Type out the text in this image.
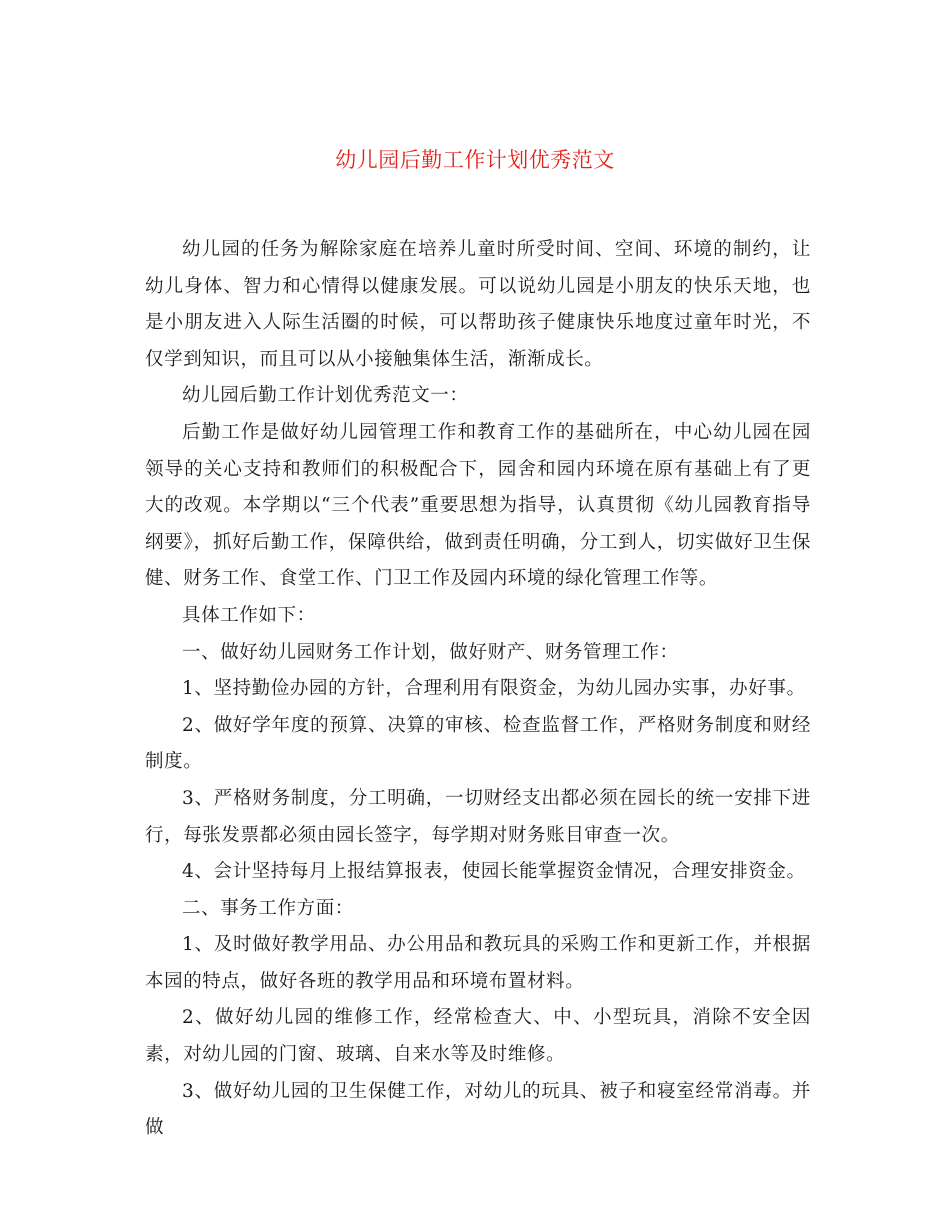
幼儿园后勤工作计划优秀范文

幼儿园的任务为解除家庭在培养儿童时所受时间、空间、环境的制约，让幼儿身体、智力和心情得以健康发展。可以说幼儿园是小朋友的快乐天地，也是小朋友进入人际生活圈的时候，可以帮助孩子健康快乐地度过童年时光，不仅学到知识，而且可以从小接触集体生活，渐渐成长。

幼儿园后勤工作计划优秀范文一：

后勤工作是做好幼儿园管理工作和教育工作的基础所在，中心幼儿园在园领导的关心支持和教师们的积极配合下，园舍和园内环境在原有基础上有了更大的改观。本学期以“三个代表”重要思想为指导，认真贯彻《幼儿园教育指导纲要》，抓好后勤工作，保障供给，做到责任明确，分工到人，切实做好卫生保健、财务工作、食堂工作、门卫工作及园内环境的绿化管理工作等。

具体工作如下：

一、做好幼儿园财务工作计划，做好财产、财务管理工作：

1、坚持勤俭办园的方针，合理利用有限资金，为幼儿园办实事，办好事。

2、做好学年度的预算、决算的审核、检查监督工作，严格财务制度和财经制度。

3、严格财务制度，分工明确，一切财经支出都必须在园长的统一安排下进行，每张发票都必须由园长签字，每学期对财务账目审查一次。

4、会计坚持每月上报结算报表，使园长能掌握资金情况，合理安排资金。

二、事务工作方面：

1、及时做好教学用品、办公用品和教玩具的采购工作和更新工作，并根据本园的特点，做好各班的教学用品和环境布置材料。

2、做好幼儿园的维修工作，经常检查大、中、小型玩具，消除不安全因素，对幼儿园的门窗、玻璃、自来水等及时维修。

3、做好幼儿园的卫生保健工作，对幼儿的玩具、被子和寝室经常消毒。并做
